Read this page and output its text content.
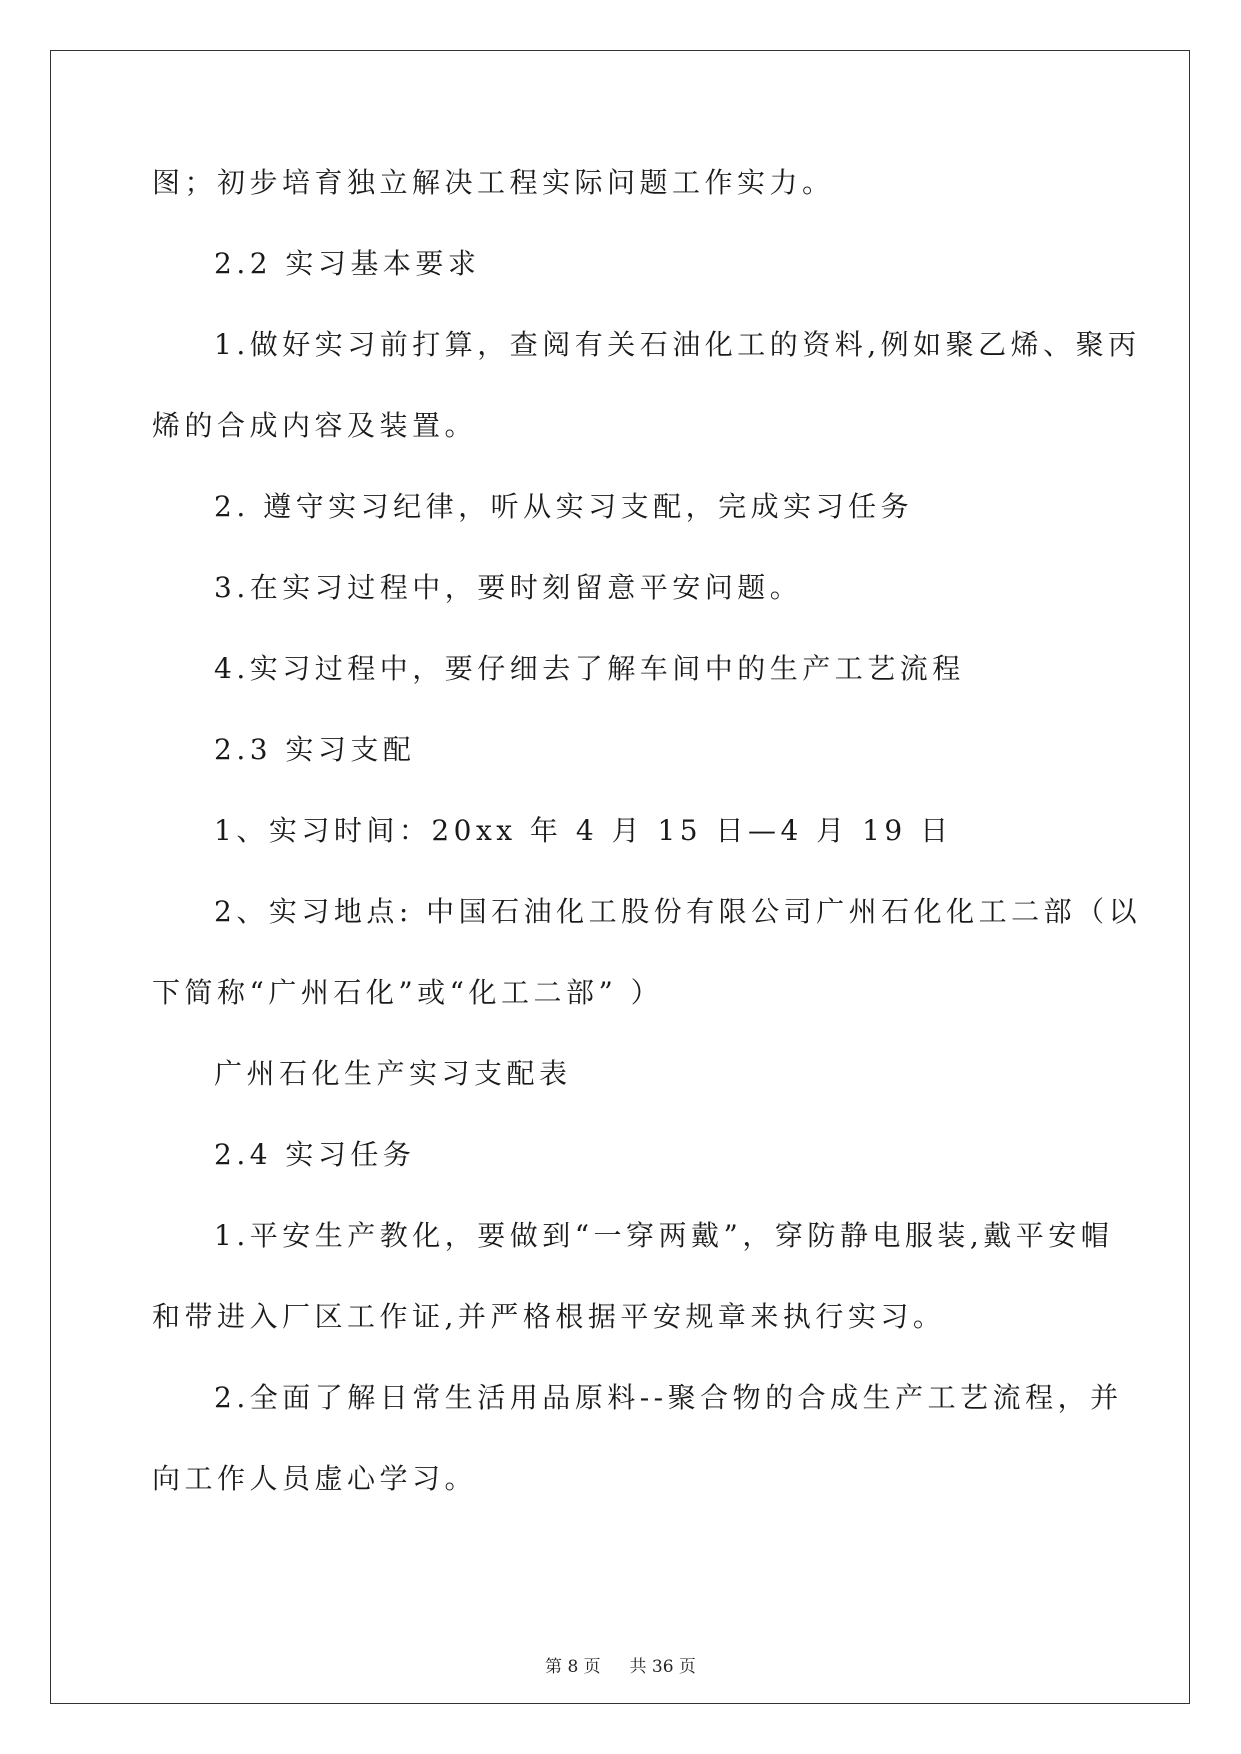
图；初步培育独立解决工程实际问题工作实力。

2.2 实习基本要求

1.做好实习前打算，查阅有关石油化工的资料,例如聚乙烯、聚丙

烯的合成内容及装置。

2. 遵守实习纪律，听从实习支配，完成实习任务

3.在实习过程中，要时刻留意平安问题。

4.实习过程中，要仔细去了解车间中的生产工艺流程

2.3 实习支配

1、实习时间：20xx 年 4 月 15 日—4 月 19 日

2、实习地点: 中国石油化工股份有限公司广州石化化工二部（以

下简称“广州石化”或“化工二部” ）

广州石化生产实习支配表

2.4 实习任务

1.平安生产教化，要做到“一穿两戴”，穿防静电服装,戴平安帽

和带进入厂区工作证,并严格根据平安规章来执行实习。

2.全面了解日常生活用品原料--聚合物的合成生产工艺流程，并

向工作人员虚心学习。

第 8 页 共 36 页
